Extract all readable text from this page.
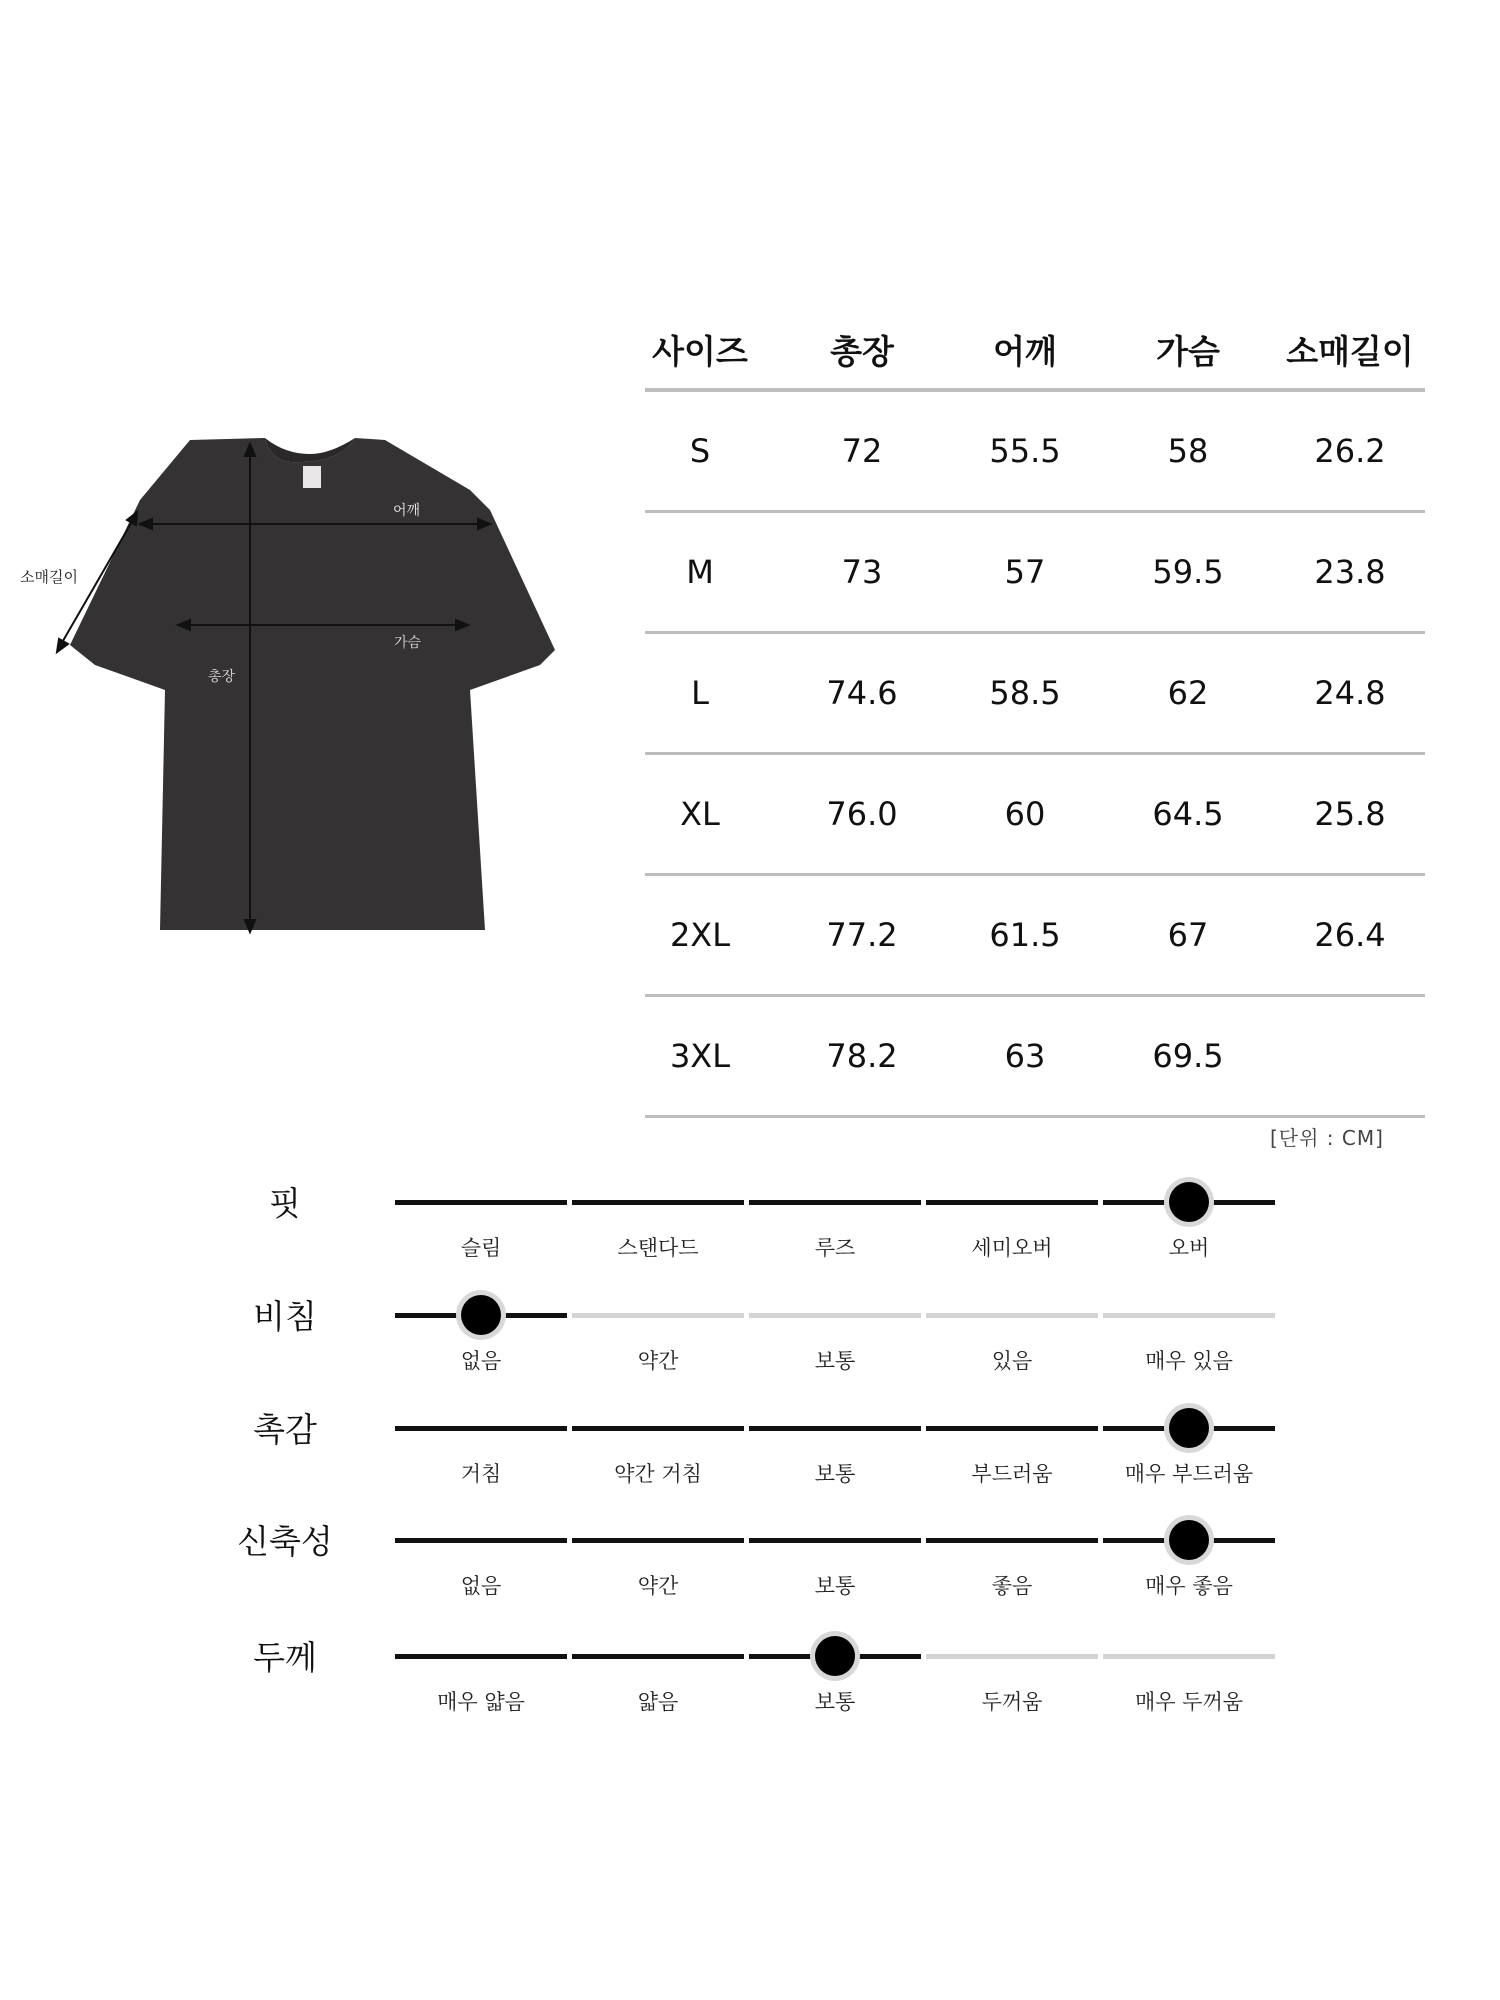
소매길이
어깨
가슴
총장
사이즈	총장	어깨	가슴	소매길이
S	72	55.5	58	26.2
M	73	57	59.5	23.8
L	74.6	58.5	62	24.8
XL	76.0	60	64.5	25.8
2XL	77.2	61.5	67	26.4
3XL	78.2	63	69.5
[단위 : CM]
핏
슬림	스탠다드	루즈	세미오버	오버
비침
없음	약간	보통	있음	매우 있음
촉감
거침	약간 거침	보통	부드러움	매우 부드러움
신축성
없음	약간	보통	좋음	매우 좋음
두께
매우 얇음	얇음	보통	두꺼움	매우 두꺼움
